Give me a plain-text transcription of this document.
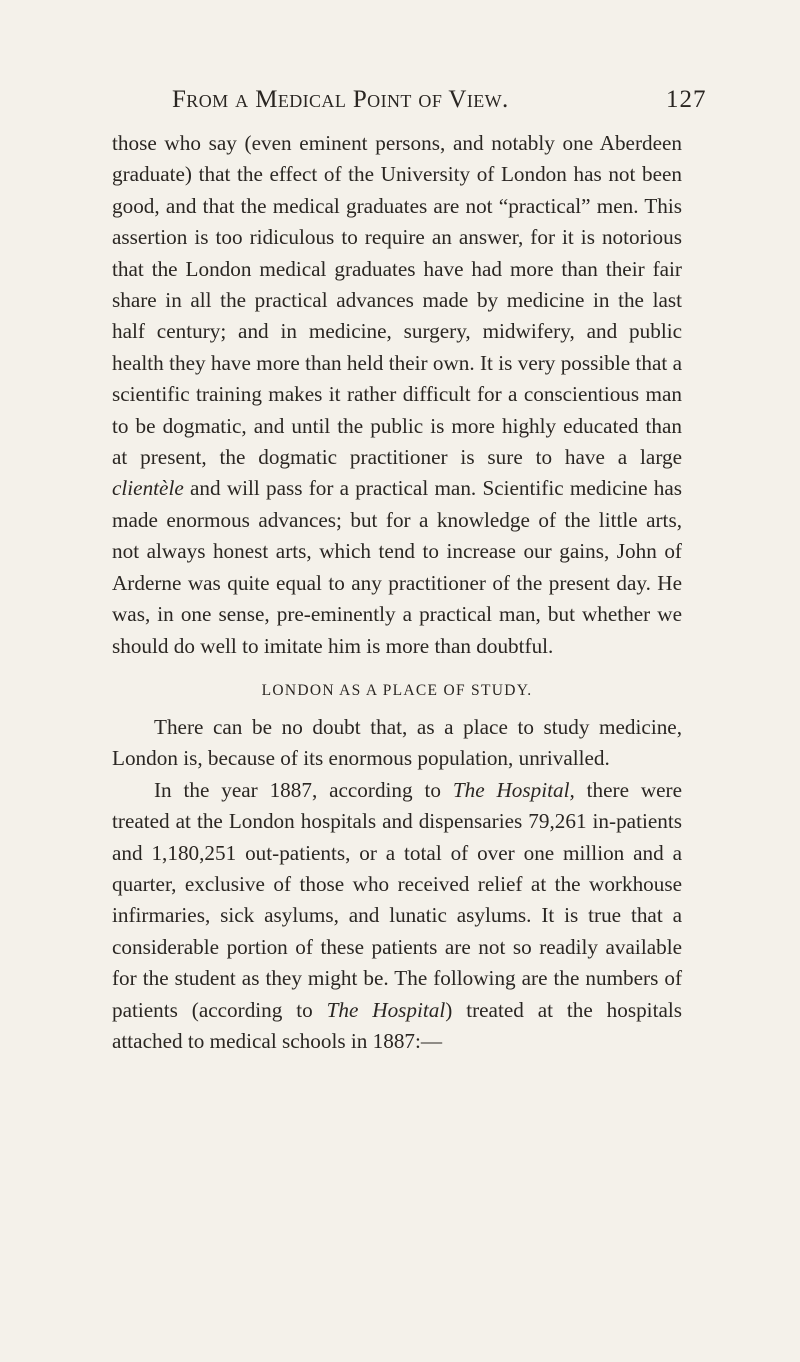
From a Medical Point of View.	127

those who say (even eminent persons, and notably one Aberdeen graduate) that the effect of the University of London has not been good, and that the medical graduates are not “practical” men. This assertion is too ridiculous to require an answer, for it is notorious that the London medical graduates have had more than their fair share in all the practical advances made by medicine in the last half century; and in medicine, surgery, midwifery, and public health they have more than held their own. It is very possible that a scientific training makes it rather difficult for a conscientious man to be dogmatic, and until the public is more highly educated than at present, the dogmatic practitioner is sure to have a large clientèle and will pass for a practical man. Scientific medicine has made enormous advances; but for a knowledge of the little arts, not always honest arts, which tend to increase our gains, John of Arderne was quite equal to any practitioner of the present day. He was, in one sense, pre-eminently a practical man, but whether we should do well to imitate him is more than doubtful.

LONDON AS A PLACE OF STUDY.

There can be no doubt that, as a place to study medicine, London is, because of its enormous population, unrivalled.

In the year 1887, according to The Hospital, there were treated at the London hospitals and dispensaries 79,261 in-patients and 1,180,251 out-patients, or a total of over one million and a quarter, exclusive of those who received relief at the workhouse infirmaries, sick asylums, and lunatic asylums. It is true that a considerable portion of these patients are not so readily available for the student as they might be. The following are the numbers of patients (according to The Hospital) treated at the hospitals attached to medical schools in 1887:—
